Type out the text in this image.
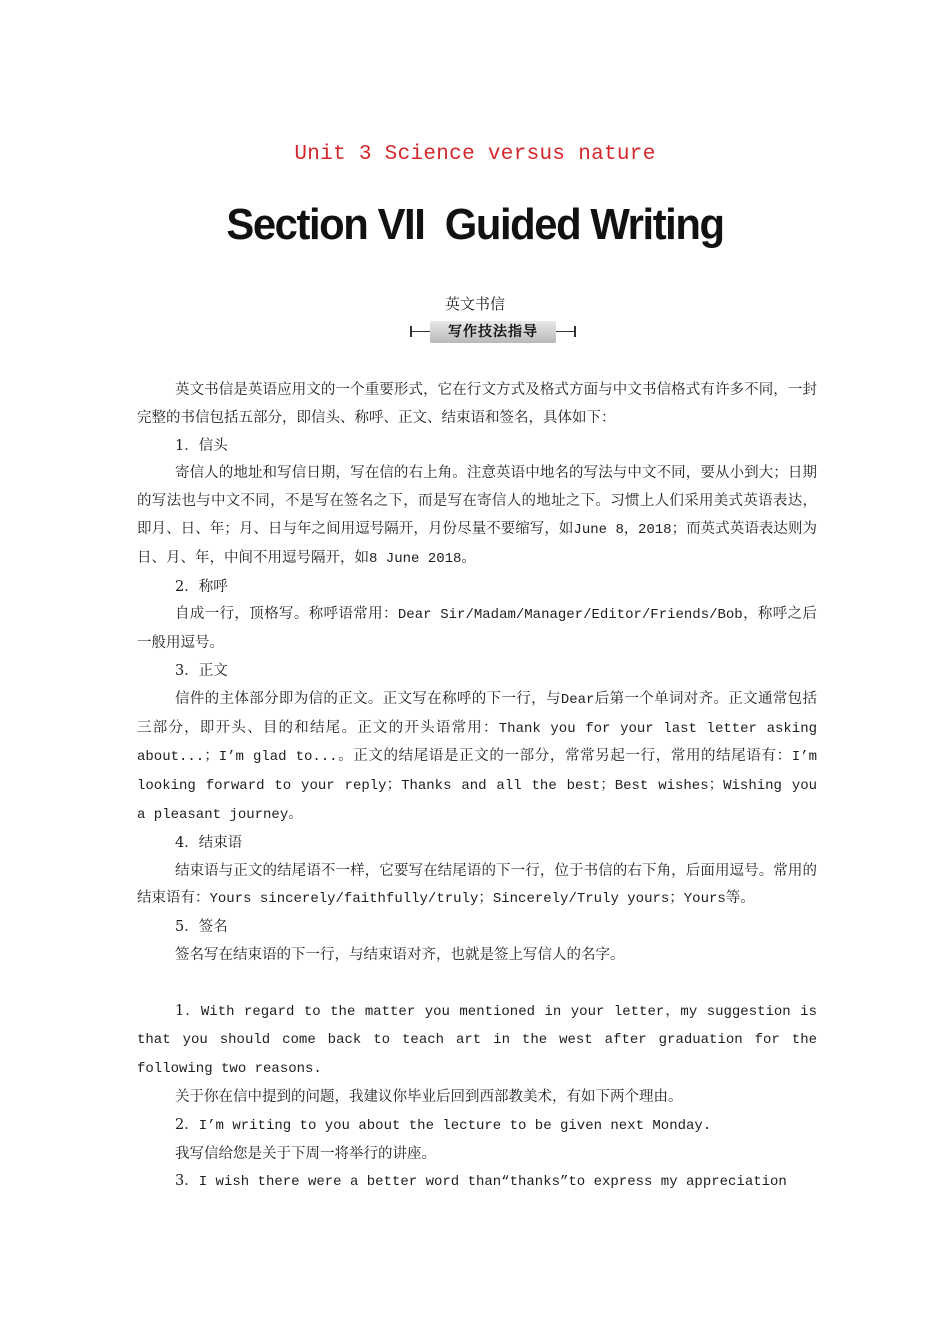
Unit 3 Science versus nature
Section VII  Guided Writing
英文书信
写作技法指导

英文书信是英语应用文的一个重要形式，它在行文方式及格式方面与中文书信格式有许多不同，一封完整的书信包括五部分，即信头、称呼、正文、结束语和签名，具体如下：

1．信头

寄信人的地址和写信日期，写在信的右上角。注意英语中地名的写法与中文不同，要从小到大；日期的写法也与中文不同，不是写在签名之下，而是写在寄信人的地址之下。习惯上人们采用美式英语表达，即月、日、年；月、日与年之间用逗号隔开，月份尽量不要缩写，如June 8，2018；而英式英语表达则为日、月、年，中间不用逗号隔开，如8 June 2018。

2．称呼

自成一行，顶格写。称呼语常用：Dear Sir/Madam/Manager/Editor/Friends/Bob，称呼之后一般用逗号。

3．正文

信件的主体部分即为信的正文。正文写在称呼的下一行，与Dear后第一个单词对齐。正文通常包括三部分，即开头、目的和结尾。正文的开头语常用：Thank you for your last letter asking about...；I’m glad to...。正文的结尾语是正文的一部分，常常另起一行，常用的结尾语有：I’m looking forward to your reply；Thanks and all the best；Best wishes；Wishing you a pleasant journey。

4．结束语

结束语与正文的结尾语不一样，它要写在结尾语的下一行，位于书信的右下角，后面用逗号。常用的结束语有：Yours sincerely/faithfully/truly；Sincerely/Truly yours；Yours等。

5．签名

签名写在结束语的下一行，与结束语对齐，也就是签上写信人的名字。

1．With regard to the matter you mentioned in your letter，my suggestion is that you should come back to teach art in the west after graduation for the following two reasons.

关于你在信中提到的问题，我建议你毕业后回到西部教美术，有如下两个理由。

2．I’m writing to you about the lecture to be given next Monday.

我写信给您是关于下周一将举行的讲座。

3．I wish there were a better word than“thanks”to express my appreciation
